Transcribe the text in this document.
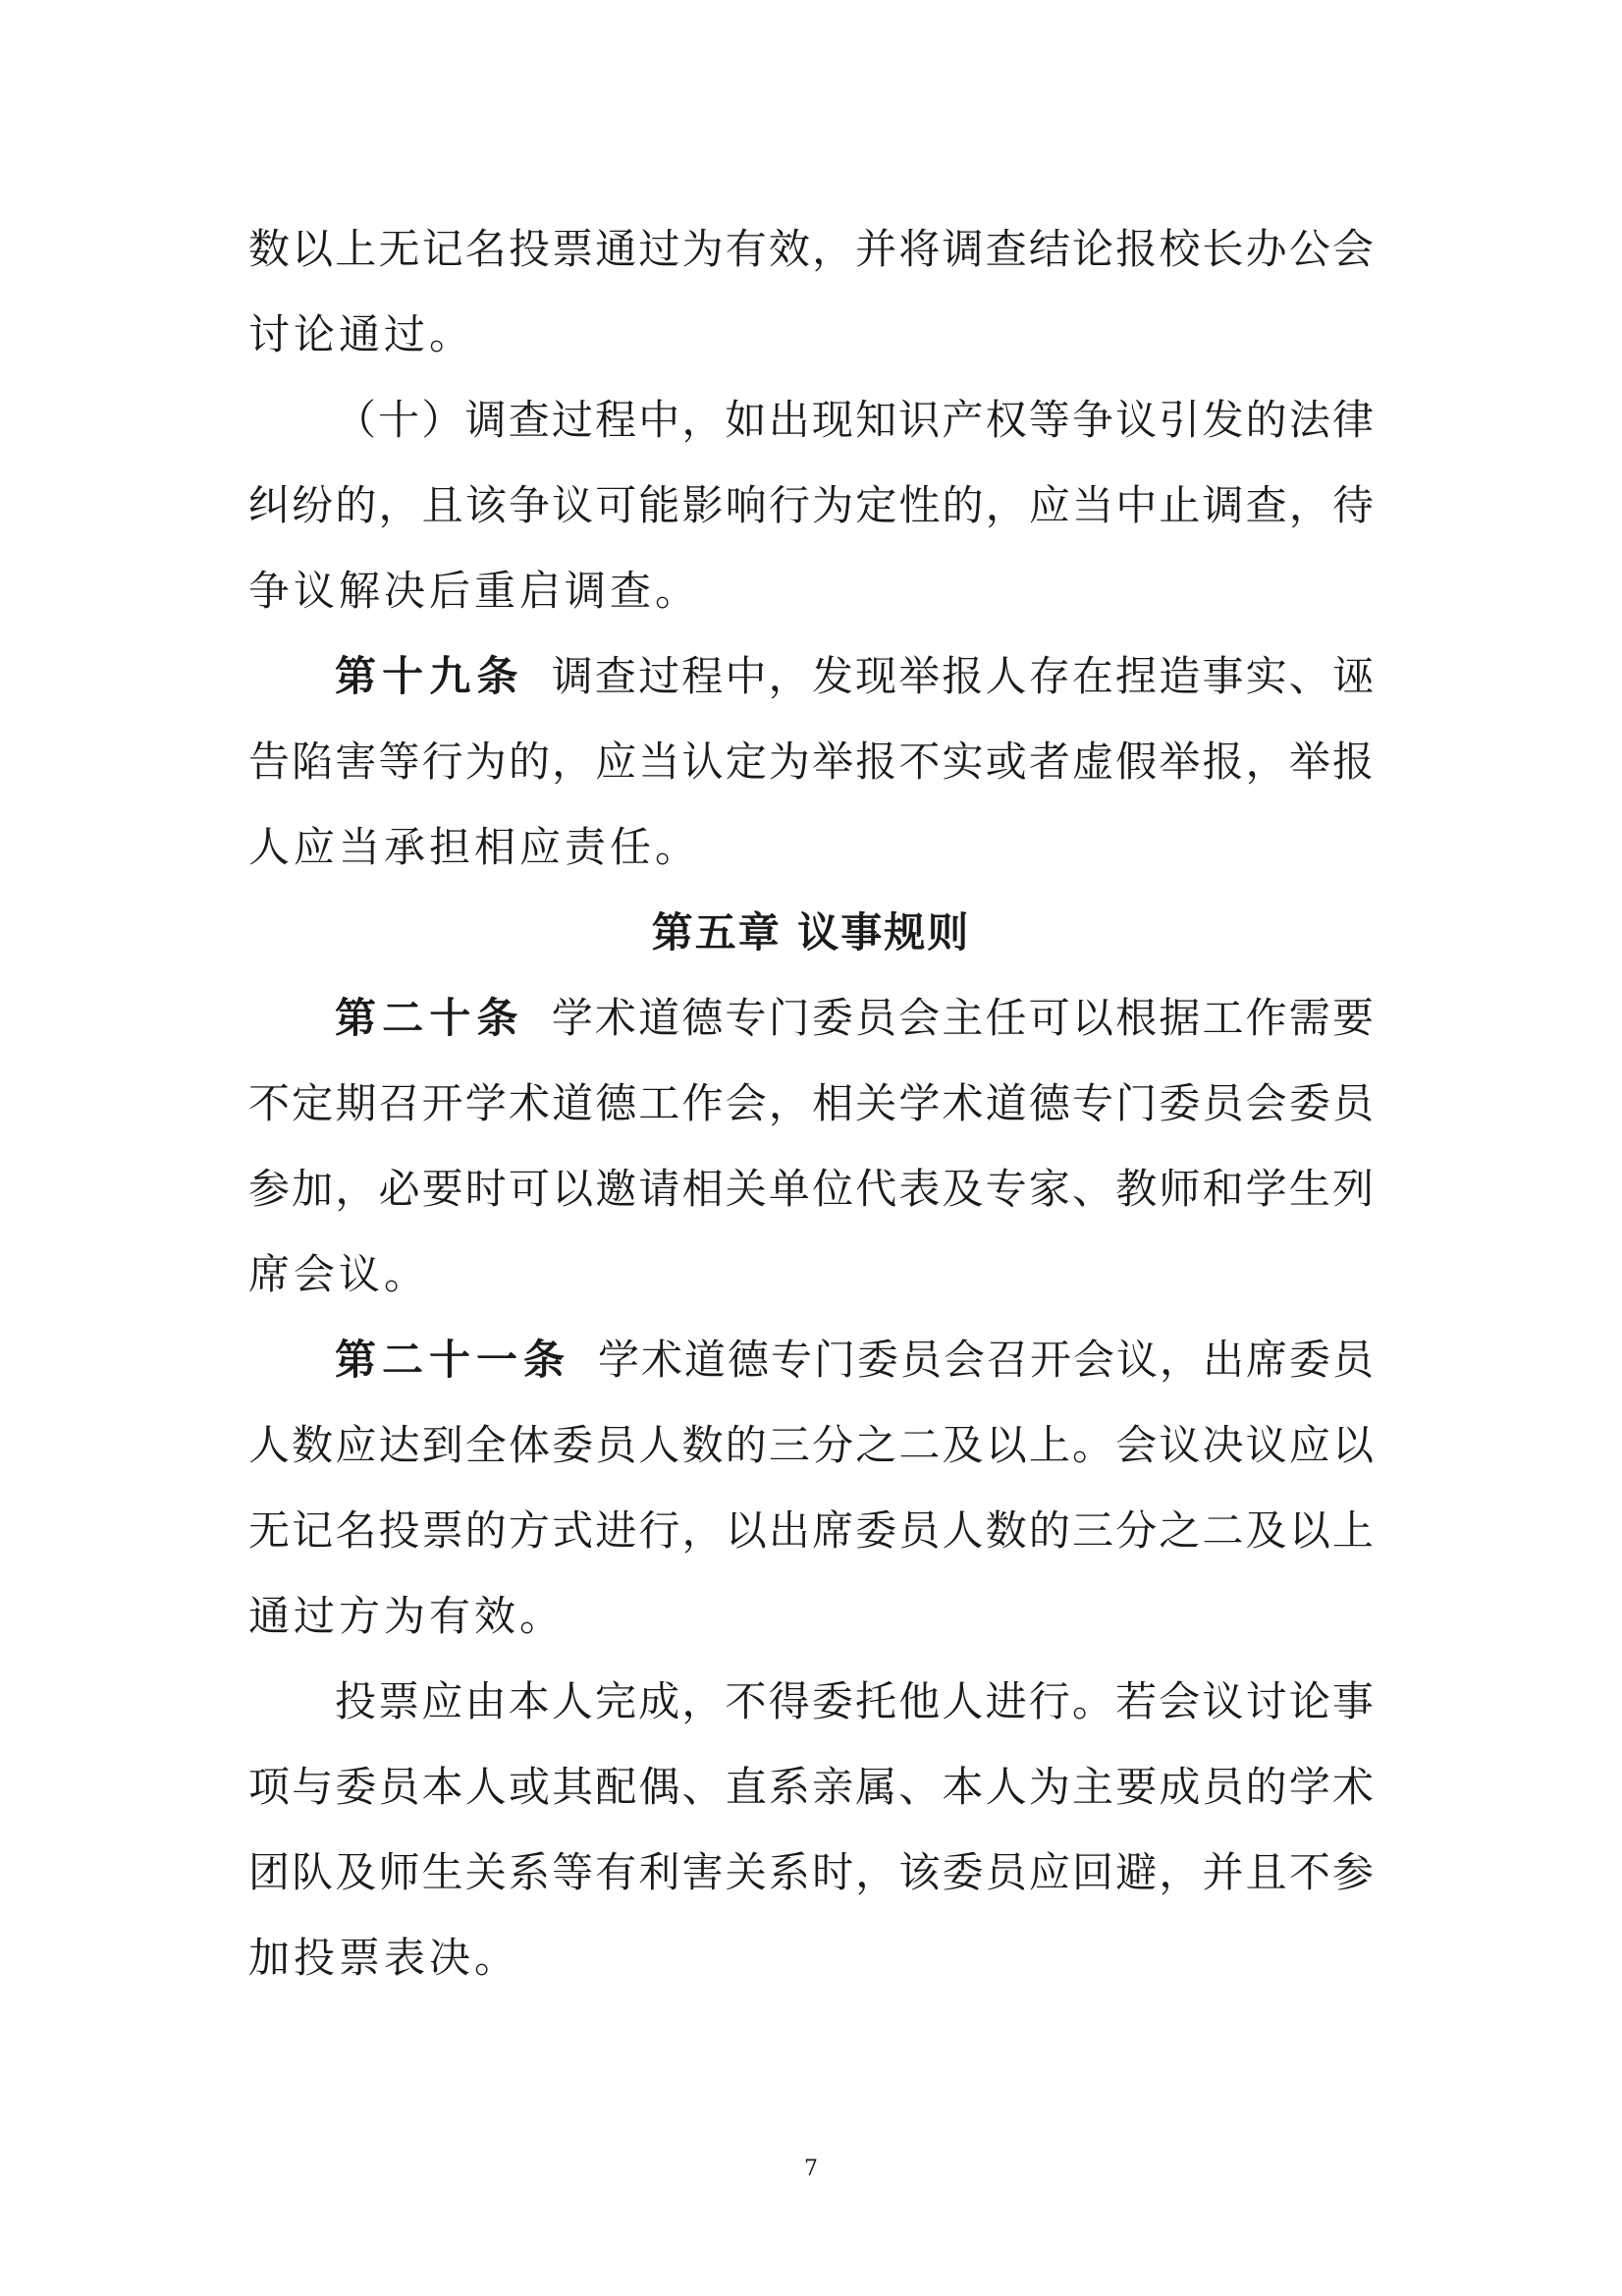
数以上无记名投票通过为有效，并将调查结论报校长办公会
讨论通过。
（十）调查过程中，如出现知识产权等争议引发的法律
纠纷的，且该争议可能影响行为定性的，应当中止调查，待
争议解决后重启调查。
第十九条 调查过程中，发现举报人存在捏造事实、诬
告陷害等行为的，应当认定为举报不实或者虚假举报，举报
人应当承担相应责任。
第五章 议事规则
第二十条 学术道德专门委员会主任可以根据工作需要
不定期召开学术道德工作会，相关学术道德专门委员会委员
参加，必要时可以邀请相关单位代表及专家、教师和学生列
席会议。
第二十一条 学术道德专门委员会召开会议，出席委员
人数应达到全体委员人数的三分之二及以上。会议决议应以
无记名投票的方式进行，以出席委员人数的三分之二及以上
通过方为有效。
投票应由本人完成，不得委托他人进行。若会议讨论事
项与委员本人或其配偶、直系亲属、本人为主要成员的学术
团队及师生关系等有利害关系时，该委员应回避，并且不参
加投票表决。
7
